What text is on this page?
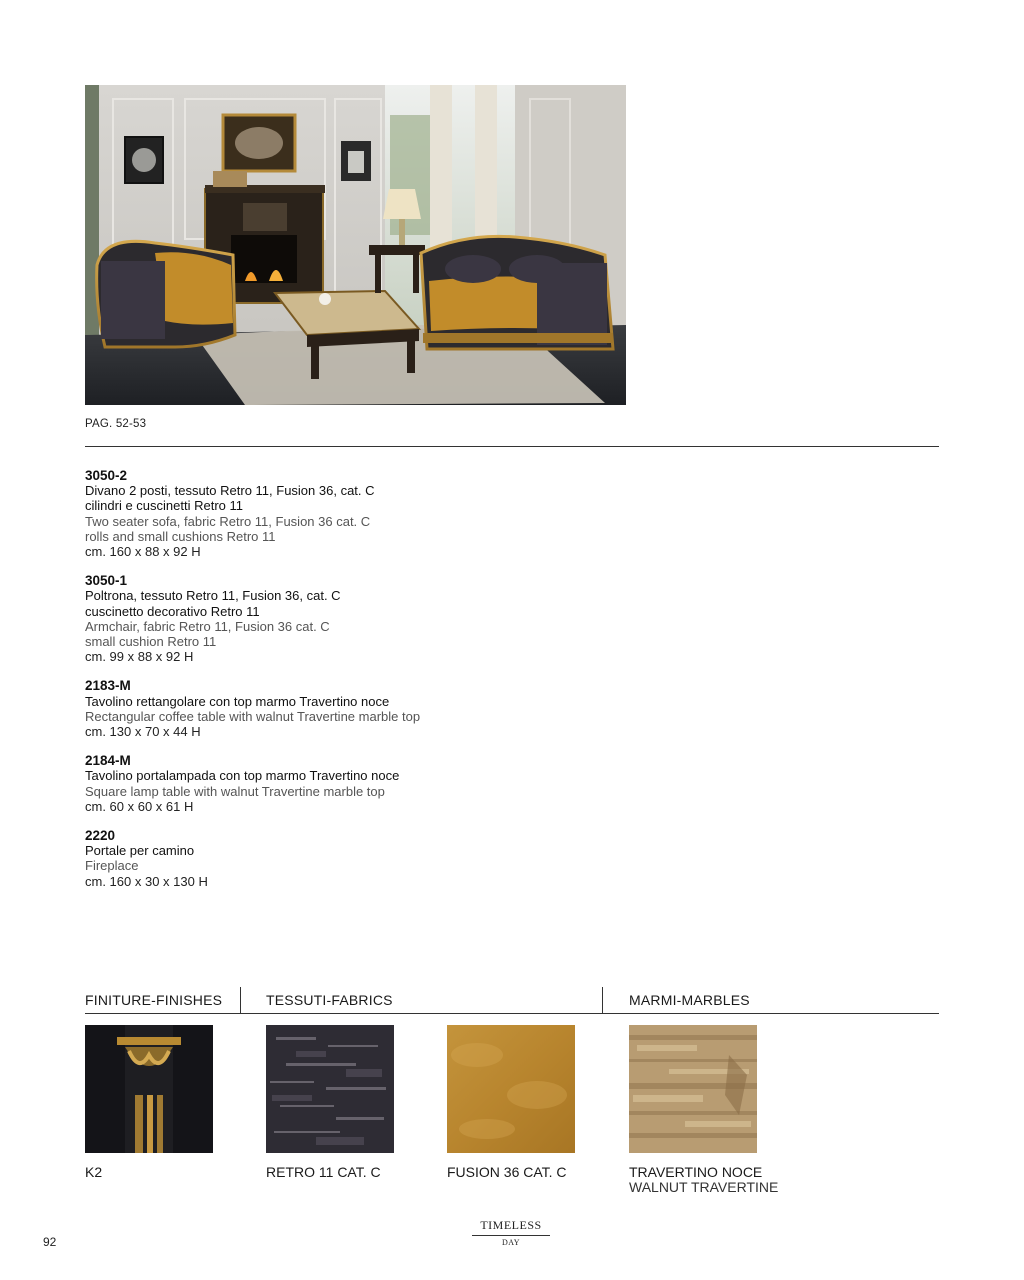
PAG. 52-53
3050-2
Divano 2 posti, tessuto Retro 11, Fusion 36, cat. C
cilindri e cuscinetti Retro 11
Two seater sofa, fabric Retro 11, Fusion 36 cat. C
rolls and small cushions Retro 11
cm. 160 x 88 x 92 H
3050-1
Poltrona, tessuto Retro 11, Fusion 36, cat. C
cuscinetto decorativo Retro 11
Armchair, fabric Retro 11, Fusion 36 cat. C
small cushion Retro 11
cm. 99 x 88 x 92 H
2183-M
Tavolino rettangolare con top marmo Travertino noce
Rectangular coffee table with walnut Travertine marble top
cm. 130 x 70 x 44 H
2184-M
Tavolino portalampada con top marmo Travertino noce
Square lamp table with walnut Travertine marble top
cm. 60 x 60 x 61 H
2220
Portale per camino
Fireplace
cm. 160 x 30 x 130 H
FINITURE-FINISHES	TESSUTI-FABRICS	MARMI-MARBLES
K2	RETRO 11 CAT. C	FUSION 36 CAT. C	TRAVERTINO NOCE
WALNUT TRAVERTINE
92
TIMELESS
DAY
